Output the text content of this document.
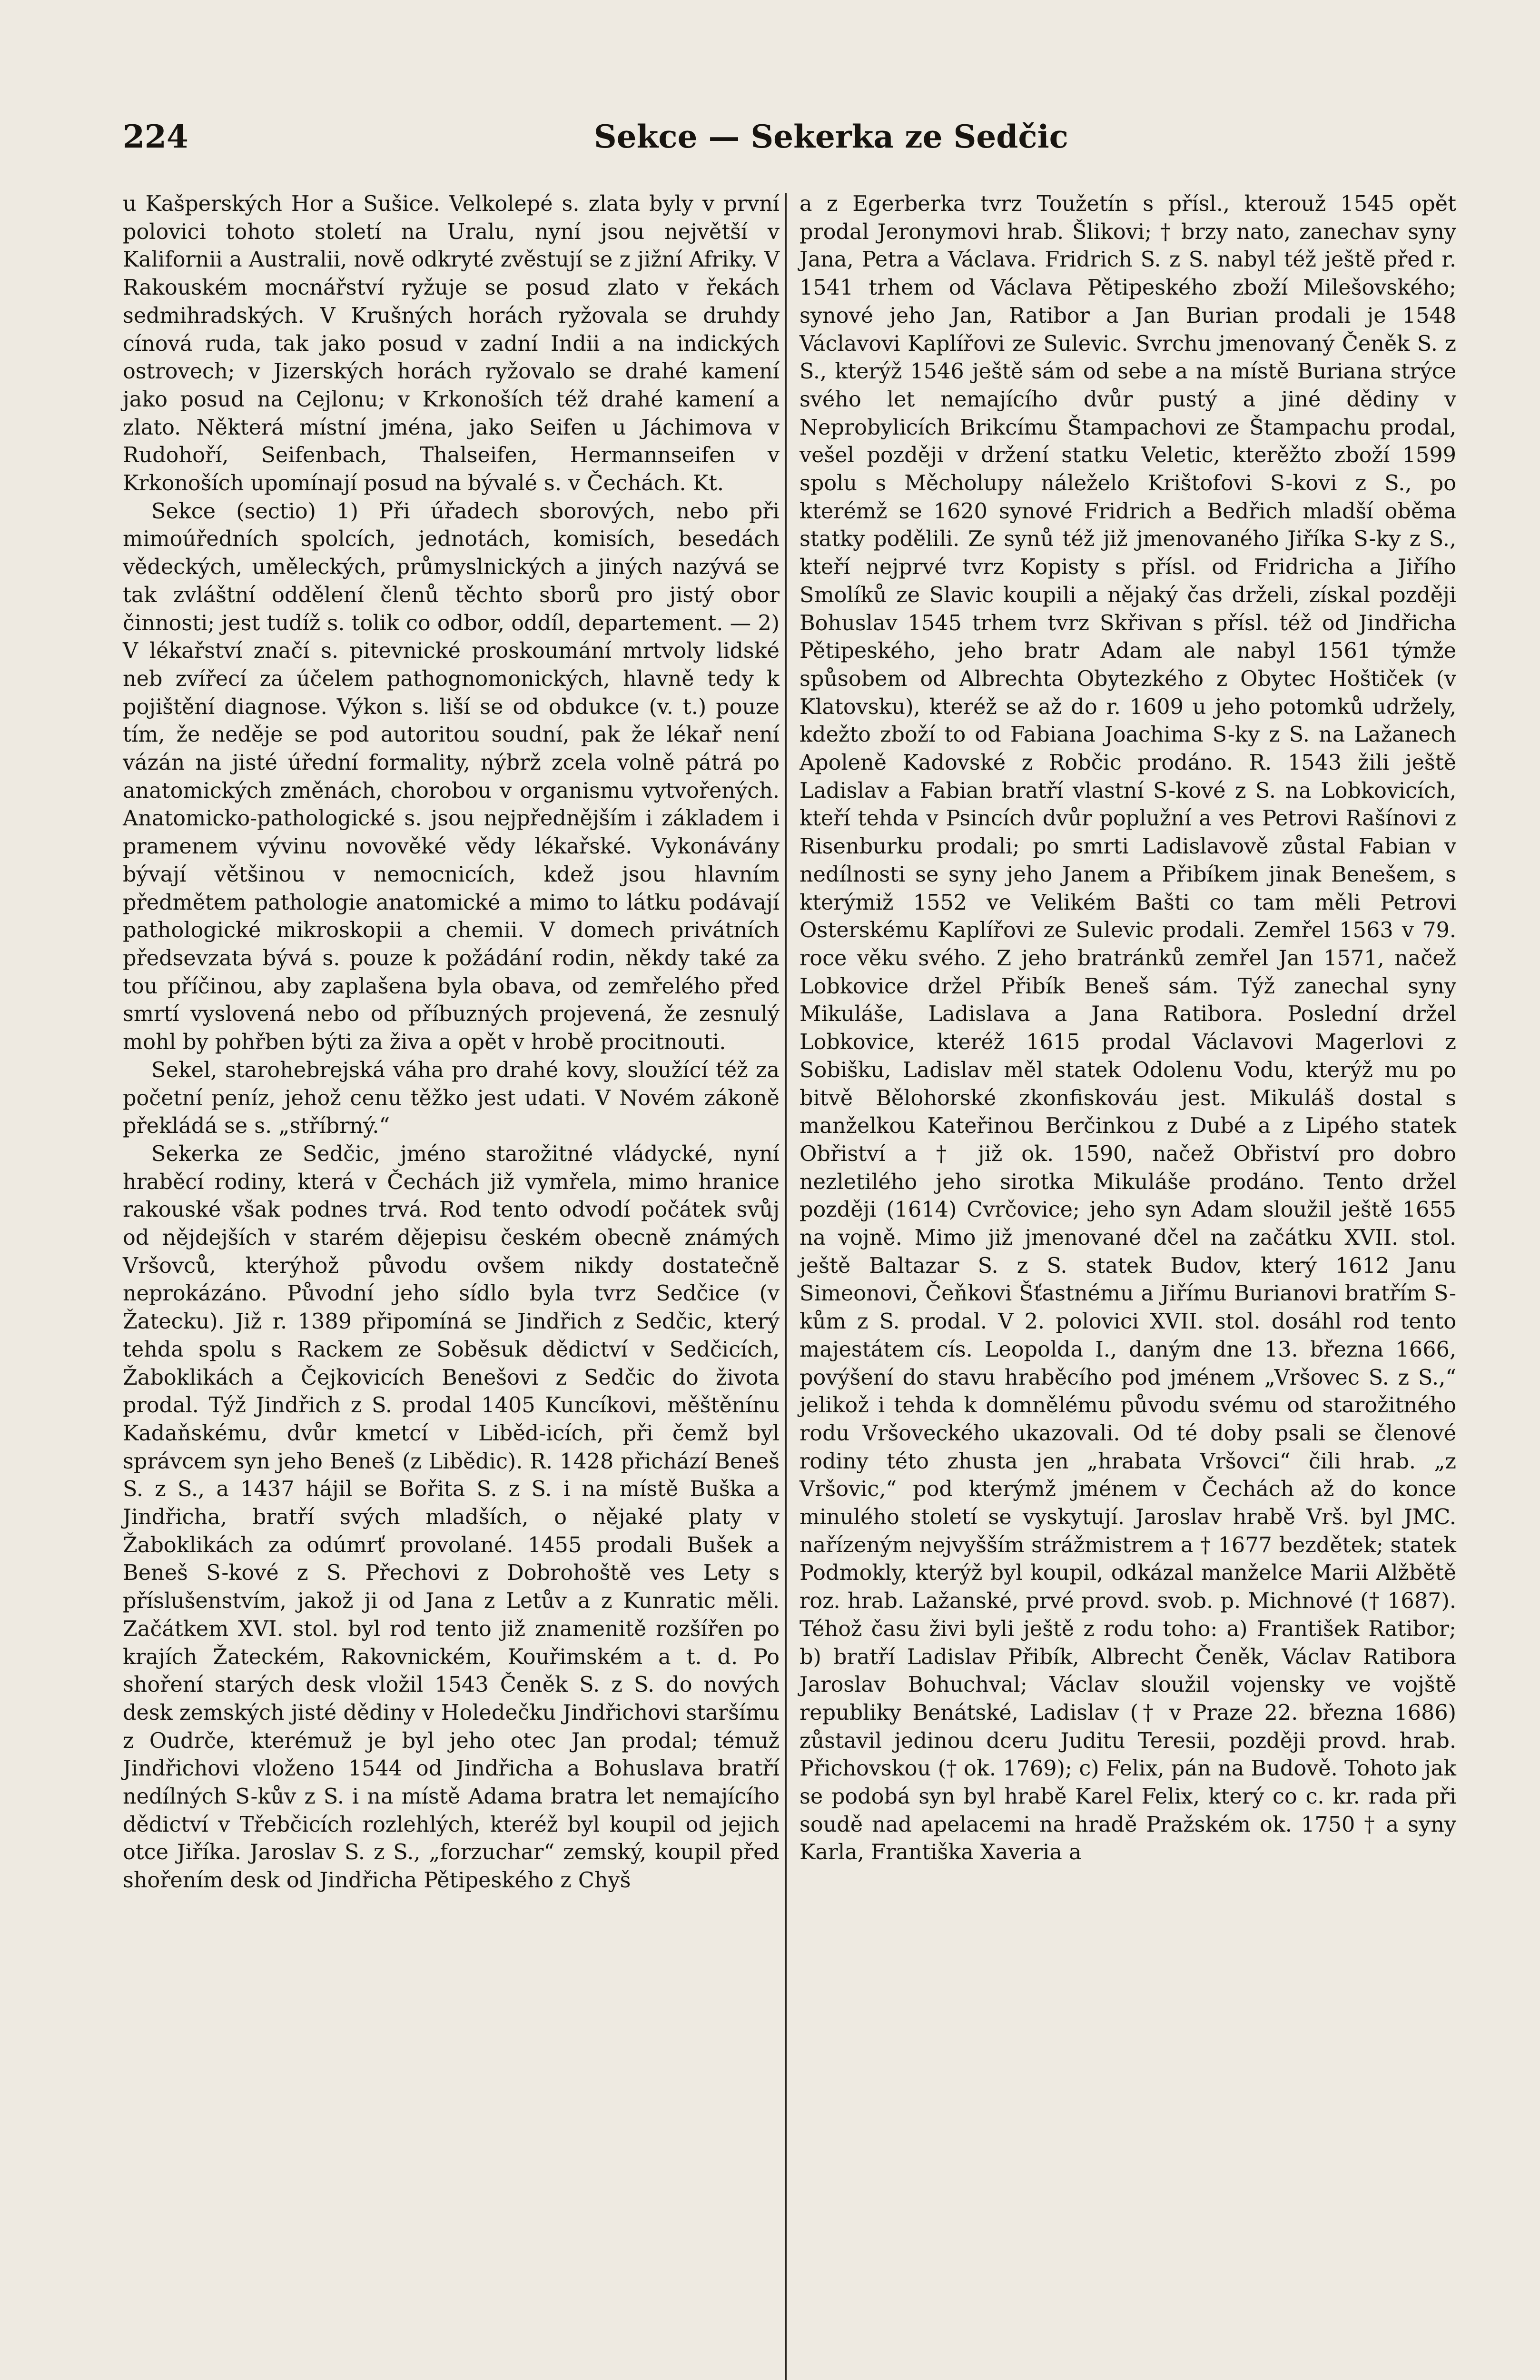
224	Sekce — Sekerka ze Sedčic

u Kašperských Hor a Sušice. Velkolepé s. zlata byly v první polovici tohoto století na Uralu, nyní jsou největší v Kalifornii a Australii, nově odkryté zvěstují se z jižní Afriky. V Rakouském mocnářství ryžuje se posud zlato v řekách sedmihradských. V Krušných horách ryžovala se druhdy cínová ruda, tak jako posud v zadní Indii a na indických ostrovech; v Jizerských horách ryžovalo se drahé kamení jako posud na Cejlonu; v Krkonoších též drahé kamení a zlato. Některá místní jména, jako Seifen u Jáchimova v Rudohoří, Seifenbach, Thalseifen, Hermannseifen v Krkonoších upomínají posud na bývalé s. v Čechách. Kt.

Sekce (sectio) 1) Při úřadech sborových, nebo při mimoúředních spolcích, jednotách, komisích, besedách vědeckých, uměleckých, průmyslnických a jiných nazývá se tak zvláštní oddělení členů těchto sborů pro jistý obor činnosti; jest tudíž s. tolik co odbor, oddíl, departement. — 2) V lékařství značí s. pitevnické proskoumání mrtvoly lidské neb zvířecí za účelem pathognomonických, hlavně tedy k pojištění diagnose. Výkon s. liší se od obdukce (v. t.) pouze tím, že neděje se pod autoritou soudní, pak že lékař není vázán na jisté úřední formality, nýbrž zcela volně pátrá po anatomických změnách, chorobou v organismu vytvořených. Anatomicko-pathologické s. jsou nejpřednějším i základem i pramenem vývinu novověké vědy lékařské. Vykonávány bývají většinou v nemocnicích, kdež jsou hlavním předmětem pathologie anatomické a mimo to látku podávají pathologické mikroskopii a chemii. V domech privátních předsevzata bývá s. pouze k požádání rodin, někdy také za tou příčinou, aby zaplašena byla obava, od zemřelého před smrtí vyslovená nebo od příbuzných projevená, že zesnulý mohl by pohřben býti za živa a opět v hrobě procitnouti.

Sekel, starohebrejská váha pro drahé kovy, sloužící též za početní peníz, jehož cenu těžko jest udati. V Novém zákoně překládá se s. „stříbrný.“

Sekerka ze Sedčic, jméno starožitné vládycké, nyní hraběcí rodiny, která v Čechách již vymřela, mimo hranice rakouské však podnes trvá. Rod tento odvodí počátek svůj od nějdejších v starém dějepisu českém obecně známých Vršovců, kterýhož původu ovšem nikdy dostatečně neprokázáno. Původní jeho sídlo byla tvrz Sedčice (v Žatecku). Již r. 1389 připomíná se Jindřich z Sedčic, který tehda spolu s Rackem ze Soběsuk dědictví v Sedčicích, Žaboklikách a Čejkovicích Benešovi z Sedčic do života prodal. Týž Jindřich z S. prodal 1405 Kuncíkovi, měštěnínu Kadaňskému, dvůr kmetcí v Liběd‑icích, při čemž byl správcem syn jeho Beneš (z Libědic). R. 1428 přichází Beneš S. z S., a 1437 hájil se Bořita S. z S. i na místě Buška a Jindřicha, bratří svých mladších, o nějaké platy v Žaboklikách za odúmrť provolané. 1455 prodali Bušek a Beneš S-kové z S. Přechovi z Dobrohoště ves Lety s příslušenstvím, jakož ji od Jana z Letův a z Kunratic měli. Začátkem XVI. stol. byl rod tento již znamenitě rozšířen po krajích Žateckém, Rakovnickém, Kouřimském a t. d. Po shoření starých desk vložil 1543 Čeněk S. z S. do nových desk zemských jisté dědiny v Holedečku Jindřichovi staršímu z Oudrče, kterémuž je byl jeho otec Jan prodal; témuž Jindřichovi vloženo 1544 od Jindřicha a Bohuslava bratří nedílných S-kův z S. i na místě Adama bratra let nemajícího dědictví v Třebčicích rozlehlých, kteréž byl koupil od jejich otce Jiříka. Jaroslav S. z S., „forzuchar“ zemský, koupil před shořením desk od Jindřicha Pětipeského z Chyš

a z Egerberka tvrz Toužetín s přísl., kterouž 1545 opět prodal Jeronymovi hrab. Šlikovi; † brzy nato, zanechav syny Jana, Petra a Václava. Fridrich S. z S. nabyl též ještě před r. 1541 trhem od Václava Pětipeského zboží Milešovského; synové jeho Jan, Ratibor a Jan Burian prodali je 1548 Václavovi Kaplířovi ze Sulevic. Svrchu jmenovaný Čeněk S. z S., kterýž 1546 ještě sám od sebe a na místě Buriana strýce svého let nemajícího dvůr pustý a jiné dědiny v Neprobylicích Brikcímu Štampachovi ze Štampachu prodal, vešel později v držení statku Veletic, kterěžto zboží 1599 spolu s Měcholupy náleželo Krištofovi S-kovi z S., po kterémž se 1620 synové Fridrich a Bedřich mladší oběma statky podělili. Ze synů též již jmenovaného Jiříka S-ky z S., kteří nejprvé tvrz Kopisty s přísl. od Fridricha a Jiřího Smolíků ze Slavic koupili a nějaký čas drželi, získal později Bohuslav 1545 trhem tvrz Skřivan s přísl. též od Jindřicha Pětipeského, jeho bratr Adam ale nabyl 1561 týmže spůsobem od Albrechta Obytezkého z Obytec Hoštiček (v Klatovsku), kteréž se až do r. 1609 u jeho potomků udržely, kdežto zboží to od Fabiana Joachima S-ky z S. na Lažanech Apoleně Kadovské z Robčic prodáno. R. 1543 žili ještě Ladislav a Fabian bratří vlastní S-kové z S. na Lobkovicích, kteří tehda v Psincích dvůr poplužní a ves Petrovi Rašínovi z Risenburku prodali; po smrti Ladislavově zůstal Fabian v nedílnosti se syny jeho Janem a Přibíkem jinak Benešem, s kterýmiž 1552 ve Velikém Bašti co tam měli Petrovi Osterskému Kaplířovi ze Sulevic prodali. Zemřel 1563 v 79. roce věku svého. Z jeho bratránků zemřel Jan 1571, načež Lobkovice držel Přibík Beneš sám. Týž zanechal syny Mikuláše, Ladislava a Jana Ratibora. Poslední držel Lobkovice, kteréž 1615 prodal Václavovi Magerlovi z Sobišku, Ladislav měl statek Odolenu Vodu, kterýž mu po bitvě Bělohorské zkonfiskováu jest. Mikuláš dostal s manželkou Kateřinou Berčinkou z Dubé a z Lipého statek Obřiství a † již ok. 1590, načež Obřiství pro dobro nezletilého jeho sirotka Mikuláše prodáno. Tento držel později (1614) Cvrčovice; jeho syn Adam sloužil ještě 1655 na vojně. Mimo již jmenované dčel na začátku XVII. stol. ještě Baltazar S. z S. statek Budov, který 1612 Janu Simeonovi, Čeňkovi Šťastnému a Jiřímu Burianovi bratřím S-kům z S. prodal. V 2. polovici XVII. stol. dosáhl rod tento majestátem cís. Leopolda I., daným dne 13. března 1666, povýšení do stavu hraběcího pod jménem „Vršovec S. z S.,“ jelikož i tehda k domnělému původu svému od starožitného rodu Vršoveckého ukazovali. Od té doby psali se členové rodiny této zhusta jen „hrabata Vršovci“ čili hrab. „z Vršovic,“ pod kterýmž jménem v Čechách až do konce minulého století se vyskytují. Jaroslav hrabě Vrš. byl JMC. nařízeným nejvyšším strážmistrem a † 1677 bezdětek; statek Podmokly, kterýž byl koupil, odkázal manželce Marii Alžbětě roz. hrab. Lažanské, prvé provd. svob. p. Michnové († 1687). Téhož času živi byli ještě z rodu toho: a) František Ratibor; b) bratří Ladislav Přibík, Albrecht Čeněk, Václav Ratibora Jaroslav Bohuchval; Václav sloužil vojensky ve vojště republiky Benátské, Ladislav († v Praze 22. března 1686) zůstavil jedinou dceru Juditu Teresii, později provd. hrab. Přichovskou († ok. 1769); c) Felix, pán na Budově. Tohoto jak se podobá syn byl hrabě Karel Felix, který co c. kr. rada při soudě nad apelacemi na hradě Pražském ok. 1750 † a syny Karla, Františka Xaveria a
